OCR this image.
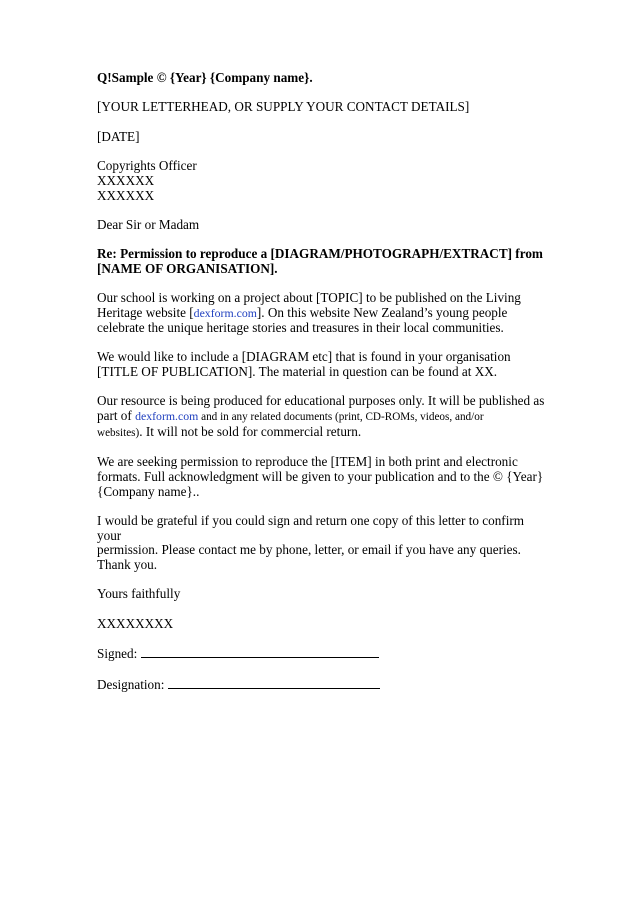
Q!Sample © {Year} {Company name}.

[YOUR LETTERHEAD, OR SUPPLY YOUR CONTACT DETAILS]

[DATE]

Copyrights Officer
XXXXXX
XXXXXX

Dear Sir or Madam

Re: Permission to reproduce a [DIAGRAM/PHOTOGRAPH/EXTRACT] from
[NAME OF ORGANISATION].

Our school is working on a project about [TOPIC] to be published on the Living
Heritage website [dexform.com]. On this website New Zealand’s young people
celebrate the unique heritage stories and treasures in their local communities.

We would like to include a [DIAGRAM etc] that is found in your organisation
[TITLE OF PUBLICATION]. The material in question can be found at XX.

Our resource is being produced for educational purposes only. It will be published as
part of dexform.com and in any related documents (print, CD-ROMs, videos, and/or
websites). It will not be sold for commercial return.

We are seeking permission to reproduce the [ITEM] in both print and electronic
formats. Full acknowledgment will be given to your publication and to the © {Year}
{Company name}..

I would be grateful if you could sign and return one copy of this letter to confirm your
permission. Please contact me by phone, letter, or email if you have any queries.
Thank you.

Yours faithfully

XXXXXXXX

Signed:

Designation:
